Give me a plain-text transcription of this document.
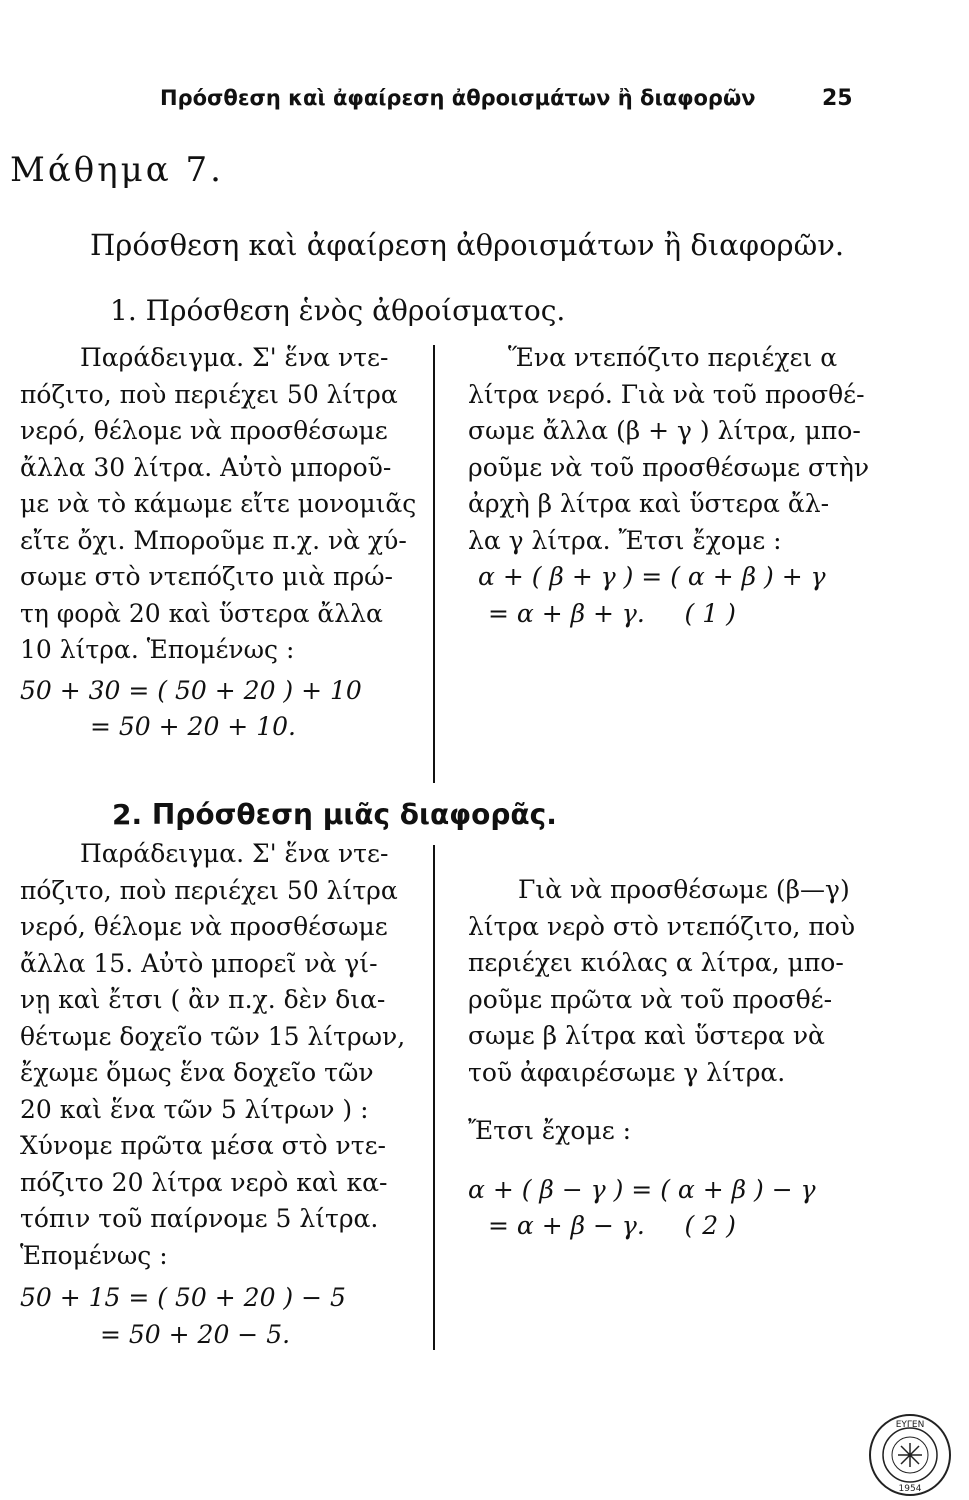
Πρόσθεση καὶ ἀφαίρεση ἀθροισμάτων ἢ διαφορῶν	25
Μάθημα 7.
Πρόσθεση καὶ ἀφαίρεση ἀθροισμάτων ἢ διαφορῶν.
1. Πρόσθεση ἑνὸς ἀθροίσματος.

Παράδειγμα. Σ' ἕνα ντε-

πόζιτο, ποὺ περιέχει 50 λίτρα

νερό, θέλομε νὰ προσθέσωμε

ἄλλα 30 λίτρα. Αὐτὸ μποροῦ-

με νὰ τὸ κάμωμε εἴτε μονομιᾶς

εἴτε ὄχι. Μποροῦμε π.χ. νὰ χύ-

σωμε στὸ ντεπόζιτο μιὰ πρώ-

τη φορὰ 20 καὶ ὕστερα ἄλλα

10 λίτρα. Ἑπομένως :

50 + 30 = ( 50 + 20 ) + 10

= 50 + 20 + 10.

Ἕνα ντεπόζιτο περιέχει α

λίτρα νερό. Γιὰ νὰ τοῦ προσθέ-

σωμε ἄλλα (β + γ ) λίτρα, μπο-

ροῦμε νὰ τοῦ προσθέσωμε στὴν

ἀρχὴ β λίτρα καὶ ὕστερα ἄλ-

λα γ λίτρα. Ἔτσι ἔχομε :

α + ( β + γ ) = ( α + β ) + γ

= α + β + γ.     ( 1 )

2. Πρόσθεση μιᾶς διαφορᾶς.

Παράδειγμα. Σ' ἕνα ντε-

πόζιτο, ποὺ περιέχει 50 λίτρα

νερό, θέλομε νὰ προσθέσωμε

ἄλλα 15. Αὐτὸ μπορεῖ νὰ γί-

νῃ καὶ ἔτσι ( ἂν π.χ. δὲν δια-

θέτωμε δοχεῖο τῶν 15 λίτρων,

ἔχωμε ὅμως ἕνα δοχεῖο τῶν

20 καὶ ἕνα τῶν 5 λίτρων ) :

Χύνομε πρῶτα μέσα στὸ ντε-

πόζιτο 20 λίτρα νερὸ καὶ κα-

τόπιν τοῦ παίρνομε 5 λίτρα.

Ἑπομένως :

50 + 15 = ( 50 + 20 ) − 5

= 50 + 20 − 5.

Γιὰ νὰ προσθέσωμε (β—γ)

λίτρα νερὸ στὸ ντεπόζιτο, ποὺ

περιέχει κιόλας α λίτρα, μπο-

ροῦμε πρῶτα νὰ τοῦ προσθέ-

σωμε β λίτρα καὶ ὕστερα νὰ

τοῦ ἀφαιρέσωμε γ λίτρα.

Ἔτσι ἔχομε :

α + ( β − γ ) = ( α + β ) − γ

= α + β − γ.     ( 2 )

ΕΥΓΕΝ
1954
